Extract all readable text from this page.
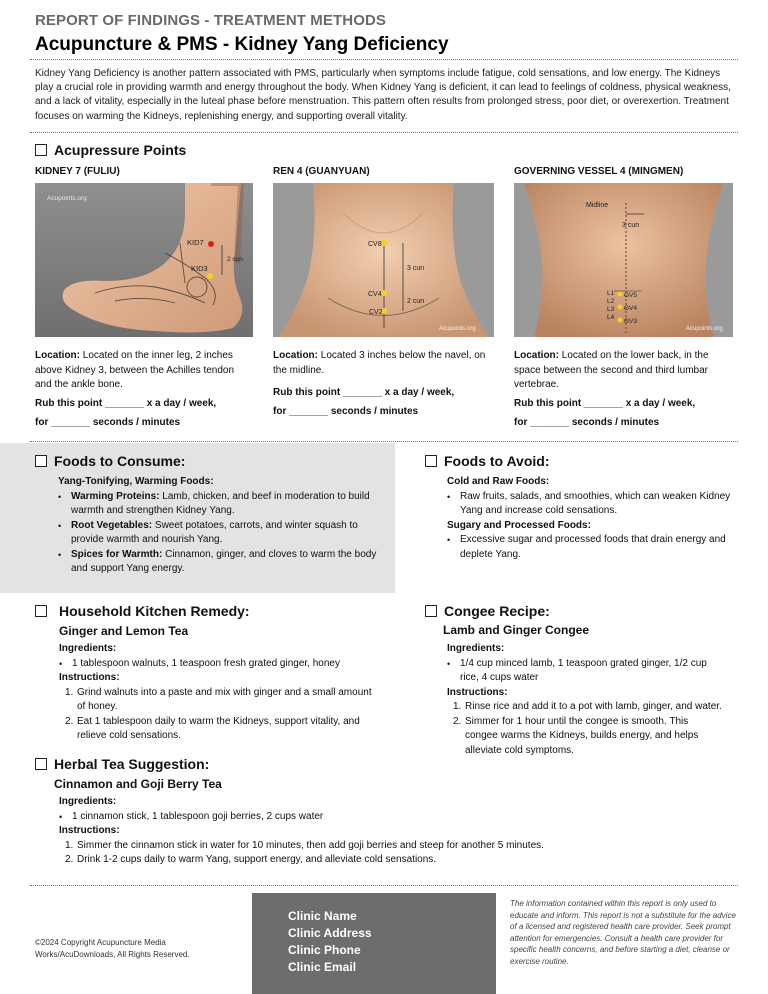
REPORT OF FINDINGS - TREATMENT METHODS
Acupuncture & PMS - Kidney Yang Deficiency
Kidney Yang Deficiency is another pattern associated with PMS, particularly when symptoms include fatigue, cold sensations, and low energy. The Kidneys play a crucial role in providing warmth and energy throughout the body. When Kidney Yang is deficient, it can lead to feelings of coldness, physical weakness, and a lack of vitality, especially in the luteal phase before menstruation. This pattern often results from prolonged stress, poor diet, or overexertion. Treatment focuses on warming the Kidneys, replenishing energy, and supporting overall vitality.
Acupressure Points
KIDNEY 7 (FULIU)
KID7
KID3
2 cun
Acupoints.org
Location: Located on the inner leg, 2 inches above Kidney 3, between the Achilles tendon and the ankle bone.
Rub this point _______ x a day / week,
for _______ seconds / minutes
REN 4 (GUANYUAN)
CV8
3 cun
CV4
2 cun
CV2
Acupoints.org
Location: Located 3 inches below the navel, on the midline.
Rub this point _______ x a day / week,
for _______ seconds / minutes
GOVERNING VESSEL 4 (MINGMEN)
Midline
3 cun
L1
L2
L3
L4
GV5
GV4
GV3
Acupoints.org
Location: Located on the lower back, in the space between the second and third lumbar vertebrae.
Rub this point _______ x a day / week,
for _______ seconds / minutes
Foods to Consume:
Yang-Tonifying, Warming Foods:
• Warming Proteins: Lamb, chicken, and beef in moderation to build warmth and strengthen Kidney Yang.
• Root Vegetables: Sweet potatoes, carrots, and winter squash to provide warmth and nourish Yang.
• Spices for Warmth: Cinnamon, ginger, and cloves to warm the body and support Yang energy.
Foods to Avoid:
Cold and Raw Foods:
• Raw fruits, salads, and smoothies, which can weaken Kidney Yang and increase cold sensations.
Sugary and Processed Foods:
• Excessive sugar and processed foods that drain energy and deplete Yang.
Household Kitchen Remedy:
Ginger and Lemon Tea
Ingredients:
• 1 tablespoon walnuts, 1 teaspoon fresh grated ginger, honey
Instructions:
1. Grind walnuts into a paste and mix with ginger and a small amount of honey.
2. Eat 1 tablespoon daily to warm the Kidneys, support vitality, and relieve cold sensations.
Congee Recipe:
Lamb and Ginger Congee
Ingredients:
• 1/4 cup minced lamb, 1 teaspoon grated ginger, 1/2 cup rice, 4 cups water
Instructions:
1. Rinse rice and add it to a pot with lamb, ginger, and water.
2. Simmer for 1 hour until the congee is smooth. This congee warms the Kidneys, builds energy, and helps alleviate cold symptoms.
Herbal Tea Suggestion:
Cinnamon and Goji Berry Tea
Ingredients:
• 1 cinnamon stick, 1 tablespoon goji berries, 2 cups water
Instructions:
1. Simmer the cinnamon stick in water for 10 minutes, then add goji berries and steep for another 5 minutes.
2. Drink 1-2 cups daily to warm Yang, support energy, and alleviate cold sensations.
©2024 Copyright Acupuncture Media Works/AcuDownloads, All Rights Reserved.
Clinic Name
Clinic Address
Clinic Phone
Clinic Email
The information contained within this report is only used to educate and inform. This report is not a substitute for the advice of a licensed and registered health care provider. Seek prompt attention for emergencies. Consult a health care provider for specific health concerns, and before starting a diet, cleanse or exercise routine.
